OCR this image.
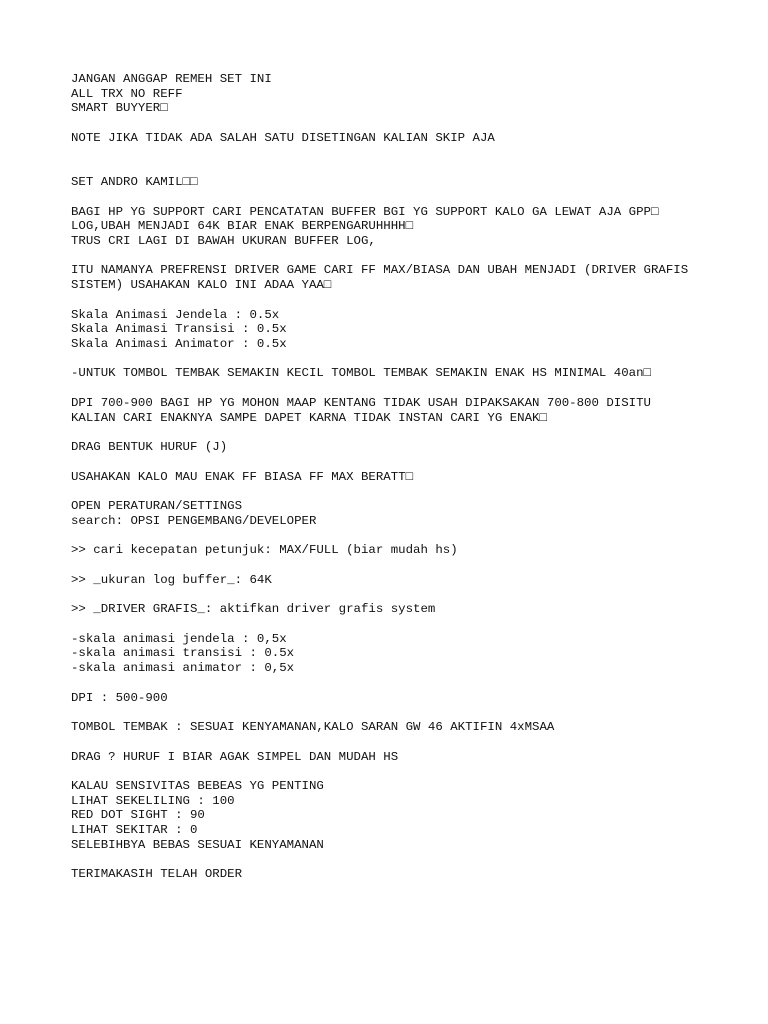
JANGAN ANGGAP REMEH SET INI
ALL TRX NO REFF
SMART BUYYER□
NOTE JIKA TIDAK ADA SALAH SATU DISETINGAN KALIAN SKIP AJA
SET ANDRO KAMIL□□
BAGI HP YG SUPPORT CARI PENCATATAN BUFFER BGI YG SUPPORT KALO GA LEWAT AJA GPP□
LOG,UBAH MENJADI 64K BIAR ENAK BERPENGARUHHHH□
TRUS CRI LAGI DI BAWAH UKURAN BUFFER LOG,
ITU NAMANYA PREFRENSI DRIVER GAME CARI FF MAX/BIASA DAN UBAH MENJADI (DRIVER GRAFIS
SISTEM) USAHAKAN KALO INI ADAA YAA□
Skala Animasi Jendela : 0.5x
Skala Animasi Transisi : 0.5x
Skala Animasi Animator : 0.5x
-UNTUK TOMBOL TEMBAK SEMAKIN KECIL TOMBOL TEMBAK SEMAKIN ENAK HS MINIMAL 40an□
DPI 700-900 BAGI HP YG MOHON MAAP KENTANG TIDAK USAH DIPAKSAKAN 700-800 DISITU
KALIAN CARI ENAKNYA SAMPE DAPET KARNA TIDAK INSTAN CARI YG ENAK□
DRAG BENTUK HURUF (J)
USAHAKAN KALO MAU ENAK FF BIASA FF MAX BERATT□
OPEN PERATURAN/SETTINGS
search: OPSI PENGEMBANG/DEVELOPER
>> cari kecepatan petunjuk: MAX/FULL (biar mudah hs)
>> _ukuran log buffer_: 64K
>> _DRIVER GRAFIS_: aktifkan driver grafis system
-skala animasi jendela : 0,5x
-skala animasi transisi : 0.5x
-skala animasi animator : 0,5x
DPI : 500-900
TOMBOL TEMBAK : SESUAI KENYAMANAN,KALO SARAN GW 46 AKTIFIN 4xMSAA
DRAG ? HURUF I BIAR AGAK SIMPEL DAN MUDAH HS
KALAU SENSIVITAS BEBEAS YG PENTING
LIHAT SEKELILING : 100
RED DOT SIGHT : 90
LIHAT SEKITAR : 0
SELEBIHBYA BEBAS SESUAI KENYAMANAN
TERIMAKASIH TELAH ORDER
